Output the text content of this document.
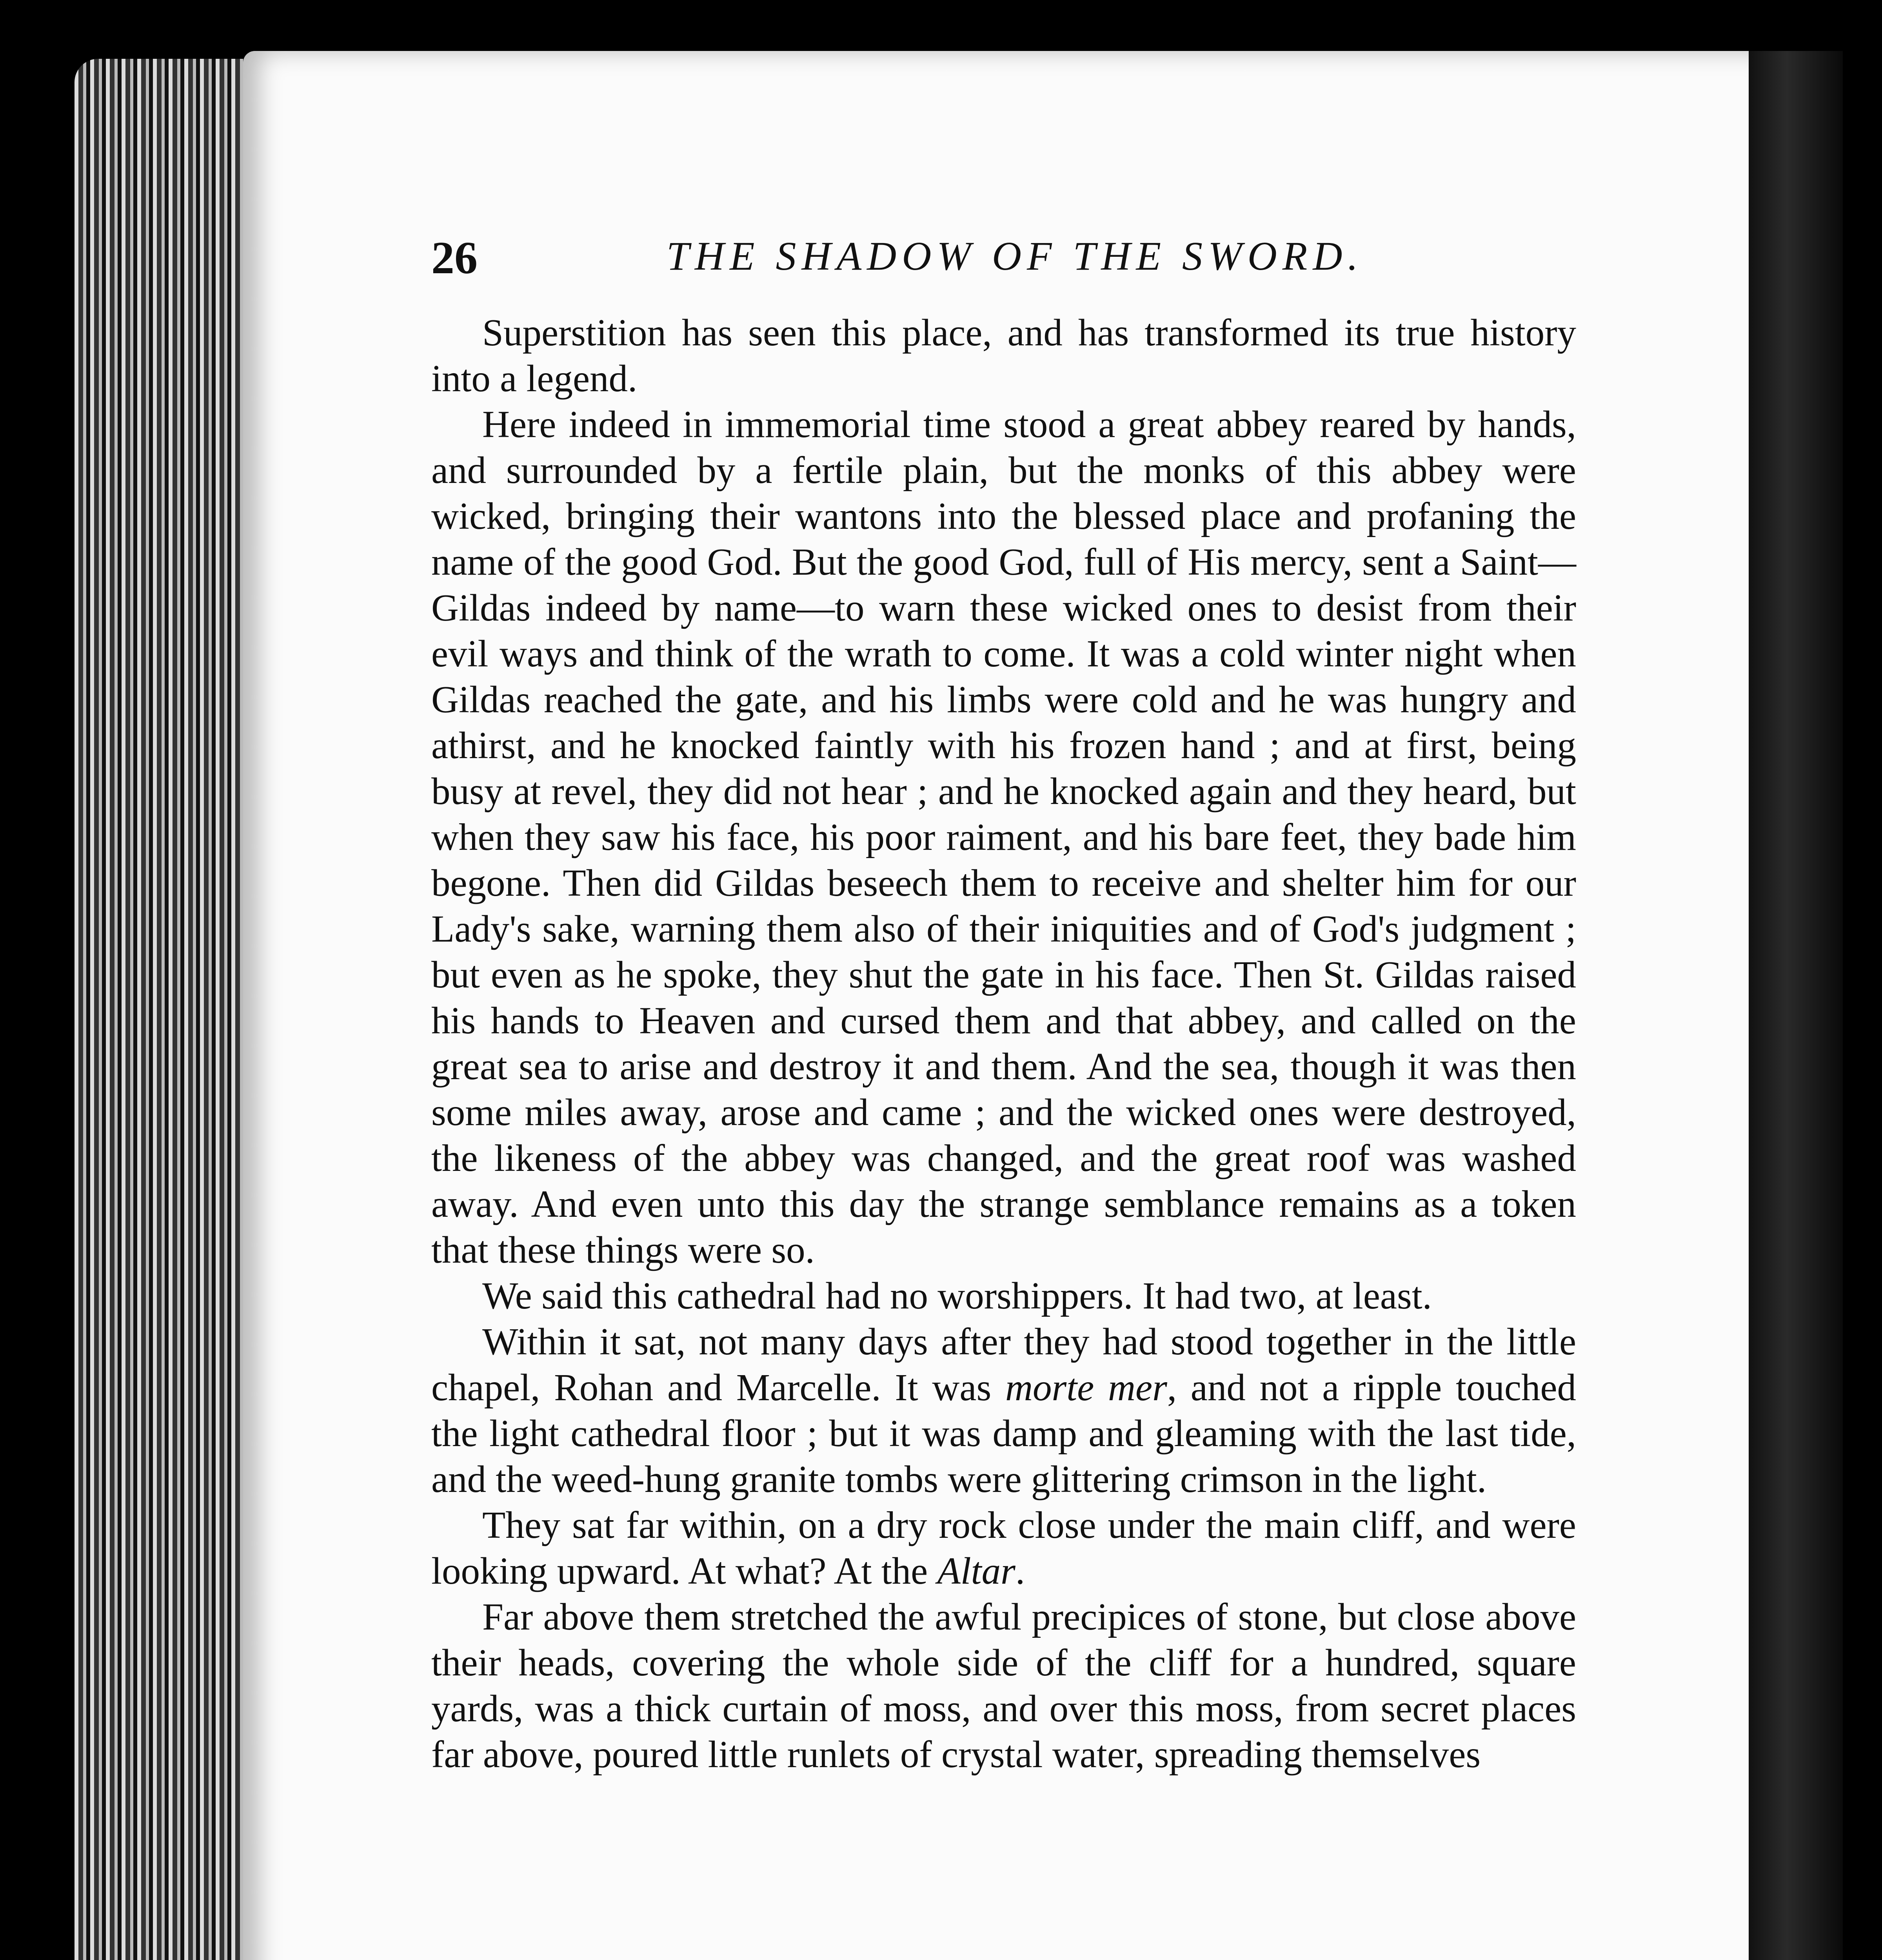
26	THE SHADOW OF THE SWORD.

Superstition has seen this place, and has transformed its true history into a legend.

Here indeed in immemorial time stood a great abbey reared by hands, and surrounded by a fertile plain, but the monks of this abbey were wicked, bringing their wantons into the blessed place and profaning the name of the good God. But the good God, full of His mercy, sent a Saint—Gildas indeed by name—to warn these wicked ones to desist from their evil ways and think of the wrath to come. It was a cold winter night when Gildas reached the gate, and his limbs were cold and he was hungry and athirst, and he knocked faintly with his frozen hand ; and at first, being busy at revel, they did not hear ; and he knocked again and they heard, but when they saw his face, his poor raiment, and his bare feet, they bade him begone. Then did Gildas beseech them to receive and shelter him for our Lady's sake, warning them also of their iniquities and of God's judgment ; but even as he spoke, they shut the gate in his face. Then St. Gildas raised his hands to Heaven and cursed them and that abbey, and called on the great sea to arise and destroy it and them. And the sea, though it was then some miles away, arose and came ; and the wicked ones were destroyed, the likeness of the abbey was changed, and the great roof was washed away. And even unto this day the strange semblance remains as a token that these things were so.

We said this cathedral had no worshippers. It had two, at least.

Within it sat, not many days after they had stood together in the little chapel, Rohan and Marcelle. It was morte mer, and not a ripple touched the light cathedral floor ; but it was damp and gleaming with the last tide, and the weed-hung granite tombs were glittering crimson in the light.

They sat far within, on a dry rock close under the main cliff, and were looking upward. At what? At the Altar.

Far above them stretched the awful precipices of stone, but close above their heads, covering the whole side of the cliff for a hundred, square yards, was a thick curtain of moss, and over this moss, from secret places far above, poured little runlets of crystal water, spreading themselves
